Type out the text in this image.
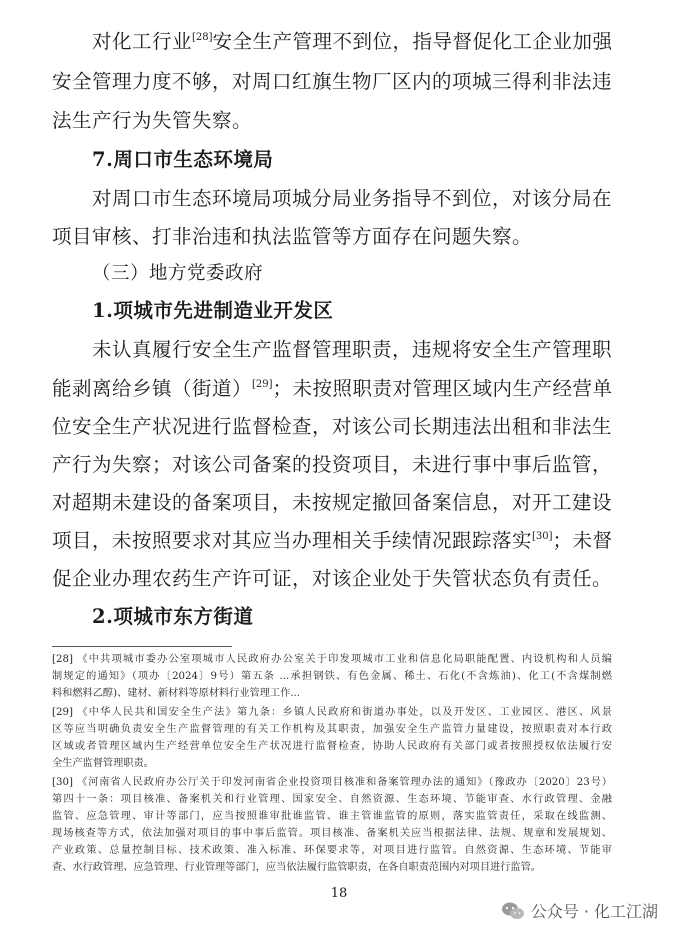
对化工行业[28]安全生产管理不到位，指导督促化工企业加强

安全管理力度不够，对周口红旗生物厂区内的项城三得利非法违

法生产行为失管失察。

7.周口市生态环境局

对周口市生态环境局项城分局业务指导不到位，对该分局在

项目审核、打非治违和执法监管等方面存在问题失察。

（三）地方党委政府

1.项城市先进制造业开发区

未认真履行安全生产监督管理职责，违规将安全生产管理职

能剥离给乡镇（街道）[29]；未按照职责对管理区域内生产经营单

位安全生产状况进行监督检查，对该公司长期违法出租和非法生

产行为失察；对该公司备案的投资项目，未进行事中事后监管，

对超期未建设的备案项目，未按规定撤回备案信息，对开工建设

项目，未按照要求对其应当办理相关手续情况跟踪落实[30]；未督

促企业办理农药生产许可证，对该企业处于失管状态负有责任。

2.项城市东方街道

[28] 《中共项城市委办公室项城市人民政府办公室关于印发项城市工业和信息化局职能配置、内设机构和人员编

制规定的通知》（项办〔2024〕9号）第五条 ...承担钢铁、有色金属、稀土、石化(不含炼油)、化工(不含煤制燃

料和燃料乙醇)、建材、新材料等原材料行业管理工作...

[29] 《中华人民共和国安全生产法》第九条：乡镇人民政府和街道办事处，以及开发区、工业园区、港区、风景

区等应当明确负责安全生产监督管理的有关工作机构及其职责，加强安全生产监管力量建设，按照职责对本行政

区域或者管理区域内生产经营单位安全生产状况进行监督检查，协助人民政府有关部门或者按照授权依法履行安

全生产监督管理职责。

[30] 《河南省人民政府办公厅关于印发河南省企业投资项目核准和备案管理办法的通知》（豫政办〔2020〕23号）

第四十一条：项目核准、备案机关和行业管理、国家安全、自然资源、生态环境、节能审查、水行政管理、金融

监管、应急管理、审计等部门，应当按照谁审批谁监管、谁主管谁监管的原则，落实监管责任，采取在线监测、

现场核查等方式，依法加强对项目的事中事后监管。项目核准、备案机关应当根据法律、法规、规章和发展规划、

产业政策、总量控制目标、技术政策、准入标准、环保要求等，对项目进行监管。自然资源、生态环境、节能审

查、水行政管理、应急管理、行业管理等部门，应当依法履行监管职责，在各自职责范围内对项目进行监管。

18

公众号 · 化工江湖
